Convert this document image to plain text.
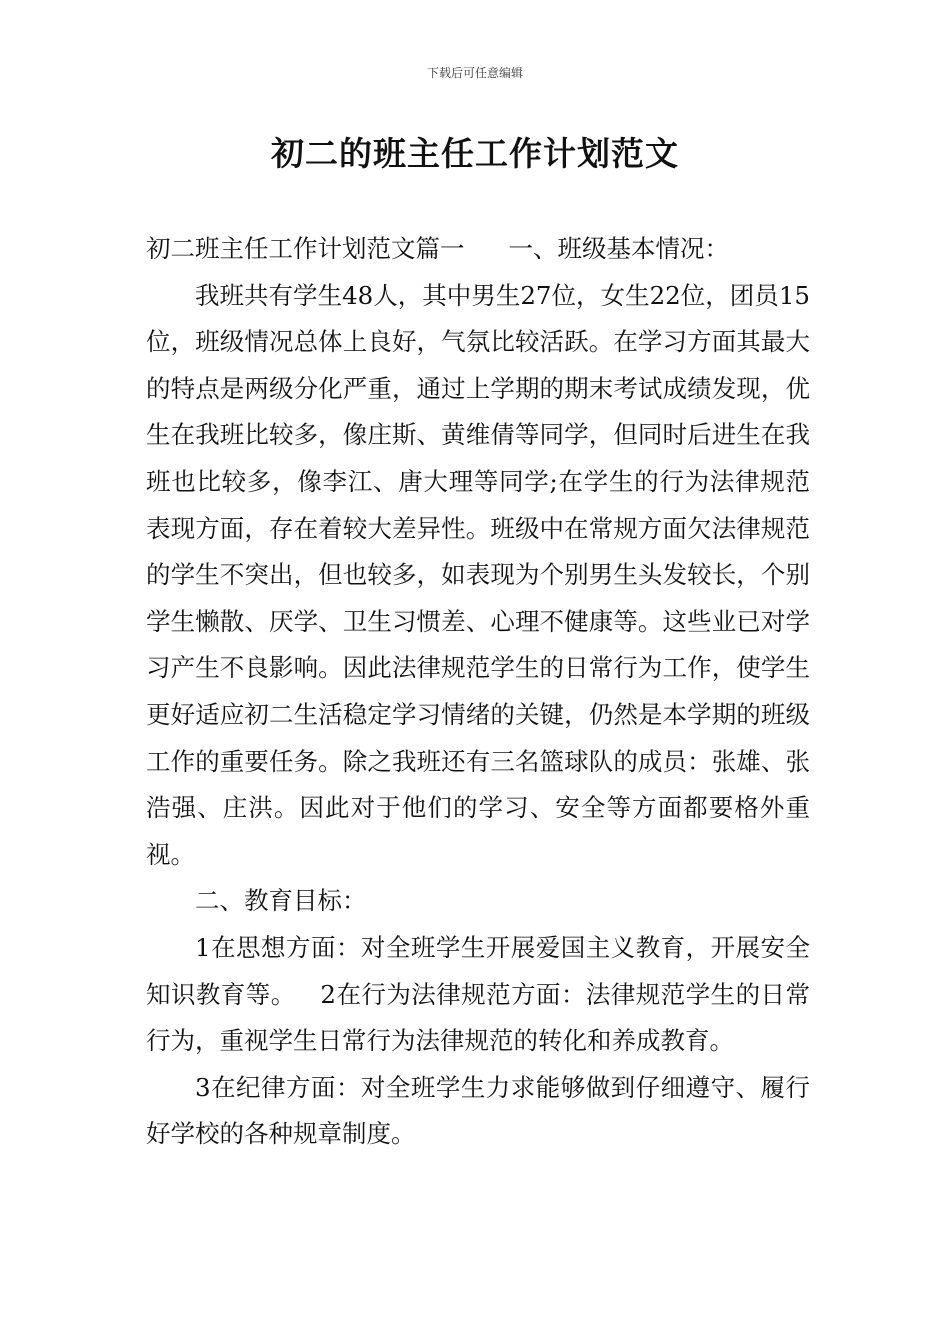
下载后可任意编辑
初二的班主任工作计划范文

初二班主任工作计划范文篇一 一、班级基本情况：

我班共有学生48人，其中男生27位，女生22位，团员15位，班级情况总体上良好，气氛比较活跃。在学习方面其最大的特点是两级分化严重，通过上学期的期末考试成绩发现，优生在我班比较多，像庄斯、黄维倩等同学，但同时后进生在我班也比较多，像李江、唐大理等同学;在学生的行为法律规范表现方面，存在着较大差异性。班级中在常规方面欠法律规范的学生不突出，但也较多，如表现为个别男生头发较长，个别学生懒散、厌学、卫生习惯差、心理不健康等。这些业已对学习产生不良影响。因此法律规范学生的日常行为工作，使学生更好适应初二生活稳定学习情绪的关键，仍然是本学期的班级工作的重要任务。除之我班还有三名篮球队的成员：张雄、张浩强、庄洪。因此对于他们的学习、安全等方面都要格外重视。

二、教育目标：

1在思想方面：对全班学生开展爱国主义教育，开展安全知识教育等。 2在行为法律规范方面：法律规范学生的日常行为，重视学生日常行为法律规范的转化和养成教育。

3在纪律方面：对全班学生力求能够做到仔细遵守、履行好学校的各种规章制度。
